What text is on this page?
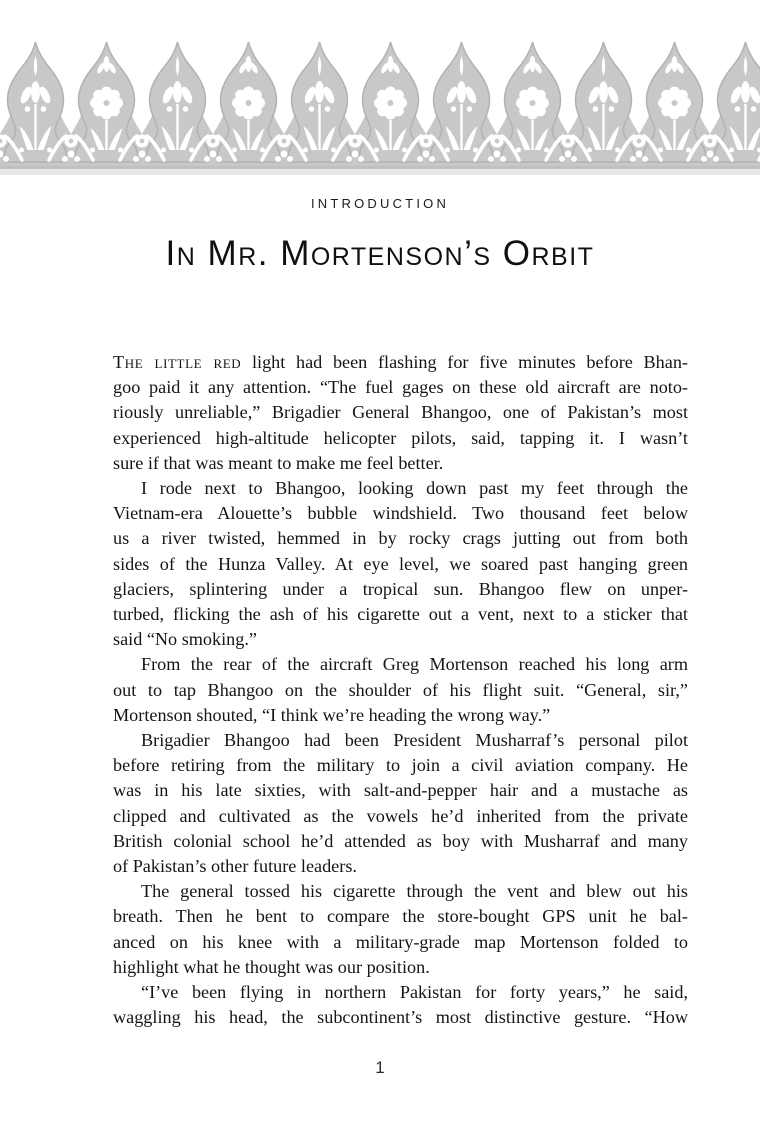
INTRODUCTION
In Mr. Mortenson’s Orbit
The little red light had been flashing for five minutes before Bhan-
goo paid it any attention. “The fuel gages on these old aircraft are noto-
riously unreliable,” Brigadier General Bhangoo, one of Pakistan’s most
experienced high-altitude helicopter pilots, said, tapping it. I wasn’t
sure if that was meant to make me feel better.
I rode next to Bhangoo, looking down past my feet through the
Vietnam-era Alouette’s bubble windshield. Two thousand feet below
us a river twisted, hemmed in by rocky crags jutting out from both
sides of the Hunza Valley. At eye level, we soared past hanging green
glaciers, splintering under a tropical sun. Bhangoo flew on unper-
turbed, flicking the ash of his cigarette out a vent, next to a sticker that
said “No smoking.”
From the rear of the aircraft Greg Mortenson reached his long arm
out to tap Bhangoo on the shoulder of his flight suit. “General, sir,”
Mortenson shouted, “I think we’re heading the wrong way.”
Brigadier Bhangoo had been President Musharraf’s personal pilot
before retiring from the military to join a civil aviation company. He
was in his late sixties, with salt-and-pepper hair and a mustache as
clipped and cultivated as the vowels he’d inherited from the private
British colonial school he’d attended as boy with Musharraf and many
of Pakistan’s other future leaders.
The general tossed his cigarette through the vent and blew out his
breath. Then he bent to compare the store-bought GPS unit he bal-
anced on his knee with a military-grade map Mortenson folded to
highlight what he thought was our position.
“I’ve been flying in northern Pakistan for forty years,” he said,
waggling his head, the subcontinent’s most distinctive gesture. “How
1
